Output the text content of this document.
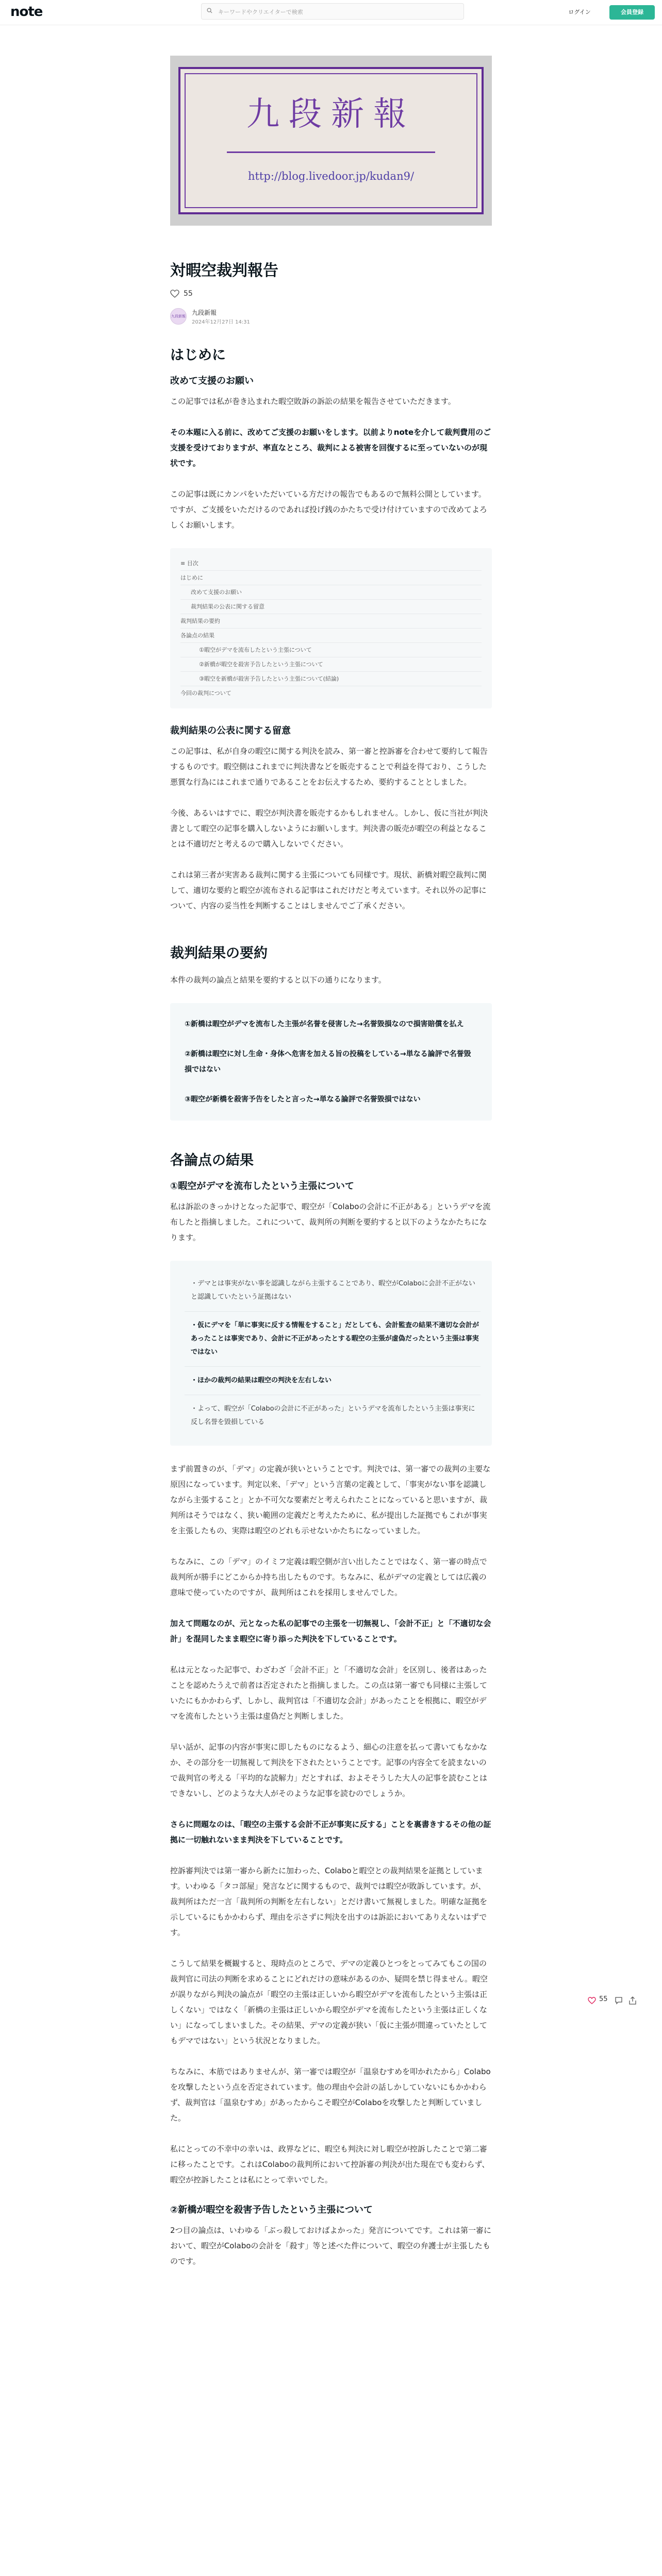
note
キーワードやクリエイターで検索	ログイン	会員登録
九段新報
http://blog.livedoor.jp/kudan9/
対暇空裁判報告
55
九段新報 九段新報
2024年12月27日 14:31
はじめに
改めて支援のお願い

この記事では私が巻き込まれた暇空敗訴の訴訟の結果を報告させていただきます。

その本題に入る前に、改めてご支援のお願いをします。以前よりnoteを介して裁判費用のご支援を受けておりますが、率直なところ、裁判による被害を回復するに至っていないのが現状です。

この記事は既にカンパをいただいている方だけの報告でもあるので無料公開としています。ですが、ご支援をいただけるのであれば投げ銭のかたちで受け付けていますので改めてよろしくお願いします。

≡ 目次
はじめに
改めて支援のお願い
裁判結果の公表に関する留意
裁判結果の要約
各論点の結果
①暇空がデマを流布したという主張について
②新橋が暇空を殺害予告したという主張について
③暇空を新橋が殺害予告したという主張について(結論)
今回の裁判について
裁判結果の公表に関する留意

この記事は、私が自身の暇空に関する判決を読み、第一審と控訴審を合わせて要約して報告するものです。暇空側はこれまでに判決書などを販売することで利益を得ており、こうした悪質な行為にはこれまで通りであることをお伝えするため、要約することとしました。

今後、あるいはすでに、暇空が判決書を販売するかもしれません。しかし、仮に当社が判決書として暇空の記事を購入しないようにお願いします。判決書の販売が暇空の利益となることは不適切だと考えるので購入しないでください。

これは第三者が実害ある裁判に関する主張についても同様です。現状、新橋対暇空裁判に関して、適切な要約と暇空が流布される記事はこれだけだと考えています。それ以外の記事について、内容の妥当性を判断することはしませんでご了承ください。

裁判結果の要約

本件の裁判の論点と結果を要約すると以下の通りになります。

①新橋は暇空がデマを流布した主張が名誉を侵害した→名誉毀損なので損害賠償を払え

②新橋は暇空に対し生命・身体へ危害を加える旨の投稿をしている→単なる論評で名誉毀損ではない

③暇空が新橋を殺害予告をしたと言った→単なる論評で名誉毀損ではない

各論点の結果
①暇空がデマを流布したという主張について

私は訴訟のきっかけとなった記事で、暇空が「Colaboの会計に不正がある」というデマを流布したと指摘しました。これについて、裁判所の判断を要約すると以下のようなかたちになります。

・デマとは事実がない事を認識しながら主張することであり、暇空がColaboに会計不正がないと認識していたという証拠はない
・仮にデマを「単に事実に反する情報をすること」だとしても、会計監査の結果不適切な会計があったことは事実であり、会計に不正があったとする暇空の主張が虚偽だったという主張は事実ではない
・ほかの裁判の結果は暇空の判決を左右しない
・よって、暇空が「Colaboの会計に不正があった」というデマを流布したという主張は事実に反し名誉を毀損している

まず前置きのが、「デマ」の定義が狭いということです。判決では、第一審での裁判の主要な原因になっています。判定以来、「デマ」という言葉の定義として、「事実がない事を認識しながら主張すること」とか不可欠な要素だと考えられたことになっていると思いますが、裁判所はそうではなく、狭い範囲の定義だと考えたために、私が提出した証拠でもこれが事実を主張したもの、実際は暇空のどれも示せないかたちになっていました。

ちなみに、この「デマ」のイミフ定義は暇空側が言い出したことではなく、第一審の時点で裁判所が勝手にどこからか持ち出したものです。ちなみに、私がデマの定義としては広義の意味で使っていたのですが、裁判所はこれを採用しませんでした。

加えて問題なのが、元となった私の記事での主張を一切無視し、「会計不正」と「不適切な会計」を混同したまま暇空に寄り添った判決を下していることです。

私は元となった記事で、わざわざ「会計不正」と「不適切な会計」を区別し、後者はあったことを認めたうえで前者は否定されたと指摘しました。この点は第一審でも同様に主張していたにもかかわらず、しかし、裁判官は「不適切な会計」があったことを根拠に、暇空がデマを流布したという主張は虚偽だと判断しました。

早い話が、記事の内容が事実に即したものになるよう、細心の注意を払って書いてもなかなか、その部分を一切無視して判決を下されたということです。記事の内容全てを読まないので裁判官の考える「平均的な読解力」だとすれば、およそそうした大人の記事を読むことはできないし、どのような大人がそのような記事を読むのでしょうか。

さらに問題なのは、「暇空の主張する会計不正が事実に反する」ことを裏書きするその他の証拠に一切触れないまま判決を下していることです。

控訴審判決では第一審から新たに加わった、Colaboと暇空との裁判結果を証拠としています。いわゆる「タコ部屋」発言などに関するもので、裁判では暇空が敗訴しています。が、裁判所はただ一言「裁判所の判断を左右しない」とだけ書いて無視しました。明確な証拠を示しているにもかかわらず、理由を示さずに判決を出すのは訴訟においてありえないはずです。

こうして結果を概観すると、現時点のところで、デマの定義ひとつをとってみてもこの国の裁判官に司法の判断を求めることにどれだけの意味があるのか、疑問を禁じ得ません。暇空が誤りながら判決の論点が「暇空の主張は正しいから暇空がデマを流布したという主張は正しくない」ではなく「新橋の主張は正しいから暇空がデマを流布したという主張は正しくない」になってしまいました。その結果、デマの定義が狭い「仮に主張が間違っていたとしてもデマではない」という状況となりました。

ちなみに、本筋ではありませんが、第一審では暇空が「温泉むすめを叩かれたから」Colaboを攻撃したという点を否定されています。他の理由や会計の話しかしていないにもかかわらず、裁判官は「温泉むすめ」があったからこそ暇空がColaboを攻撃したと判断していました。

私にとっての不幸中の幸いは、政界などに、暇空も判決に対し暇空が控訴したことで第二審に移ったことです。これはColaboの裁判所において控訴審の判決が出た現在でも変わらず、暇空が控訴したことは私にとって幸いでした。

②新橋が暇空を殺害予告したという主張について

2つ目の論点は、いわゆる「ぶっ殺しておけばよかった」発言についてです。これは第一審において、暇空がColaboの会計を「殺す」等と述べた件について、暇空の弁護士が主張したものです。

55
